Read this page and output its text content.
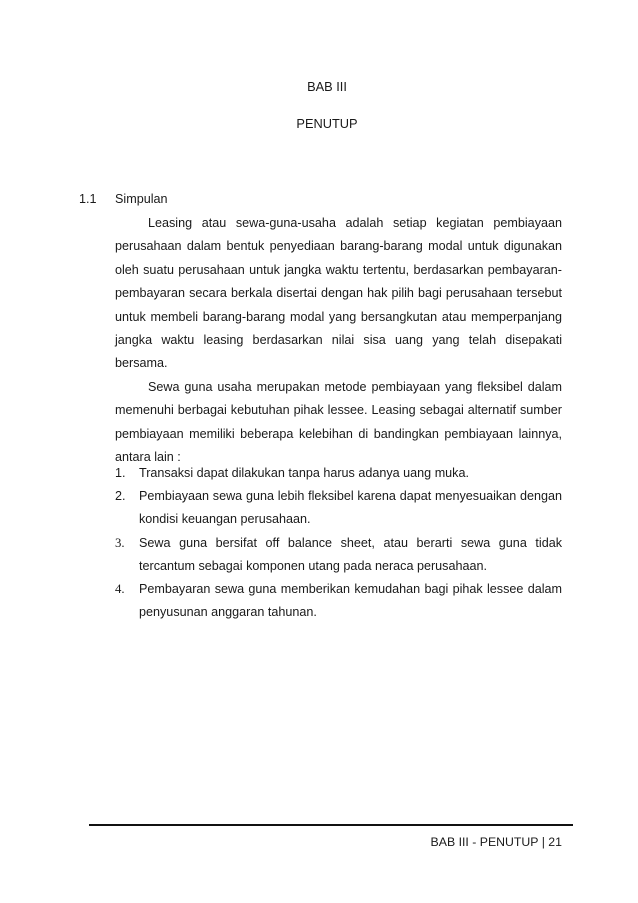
BAB III
PENUTUP
1.1 Simpulan

Leasing atau sewa-guna-usaha adalah setiap kegiatan pembiayaan perusahaan dalam bentuk penyediaan barang-barang modal untuk digunakan oleh suatu perusahaan untuk jangka waktu tertentu, berdasarkan pembayaran-pembayaran secara berkala disertai dengan hak pilih bagi perusahaan tersebut untuk membeli barang-barang modal yang bersangkutan atau memperpanjang jangka waktu leasing berdasarkan nilai sisa uang yang telah disepakati bersama.

Sewa guna usaha merupakan metode pembiayaan yang fleksibel dalam memenuhi berbagai kebutuhan pihak lessee. Leasing sebagai alternatif sumber pembiayaan memiliki beberapa kelebihan di bandingkan pembiayaan lainnya, antara lain :

1. Transaksi dapat dilakukan tanpa harus adanya uang muka.
2. Pembiayaan sewa guna lebih fleksibel karena dapat menyesuaikan dengan kondisi keuangan perusahaan.
3. Sewa guna bersifat off balance sheet, atau berarti sewa guna tidak tercantum sebagai komponen utang pada neraca perusahaan.
4. Pembayaran sewa guna memberikan kemudahan bagi pihak lessee dalam penyusunan anggaran tahunan.
BAB III - PENUTUP | 21
